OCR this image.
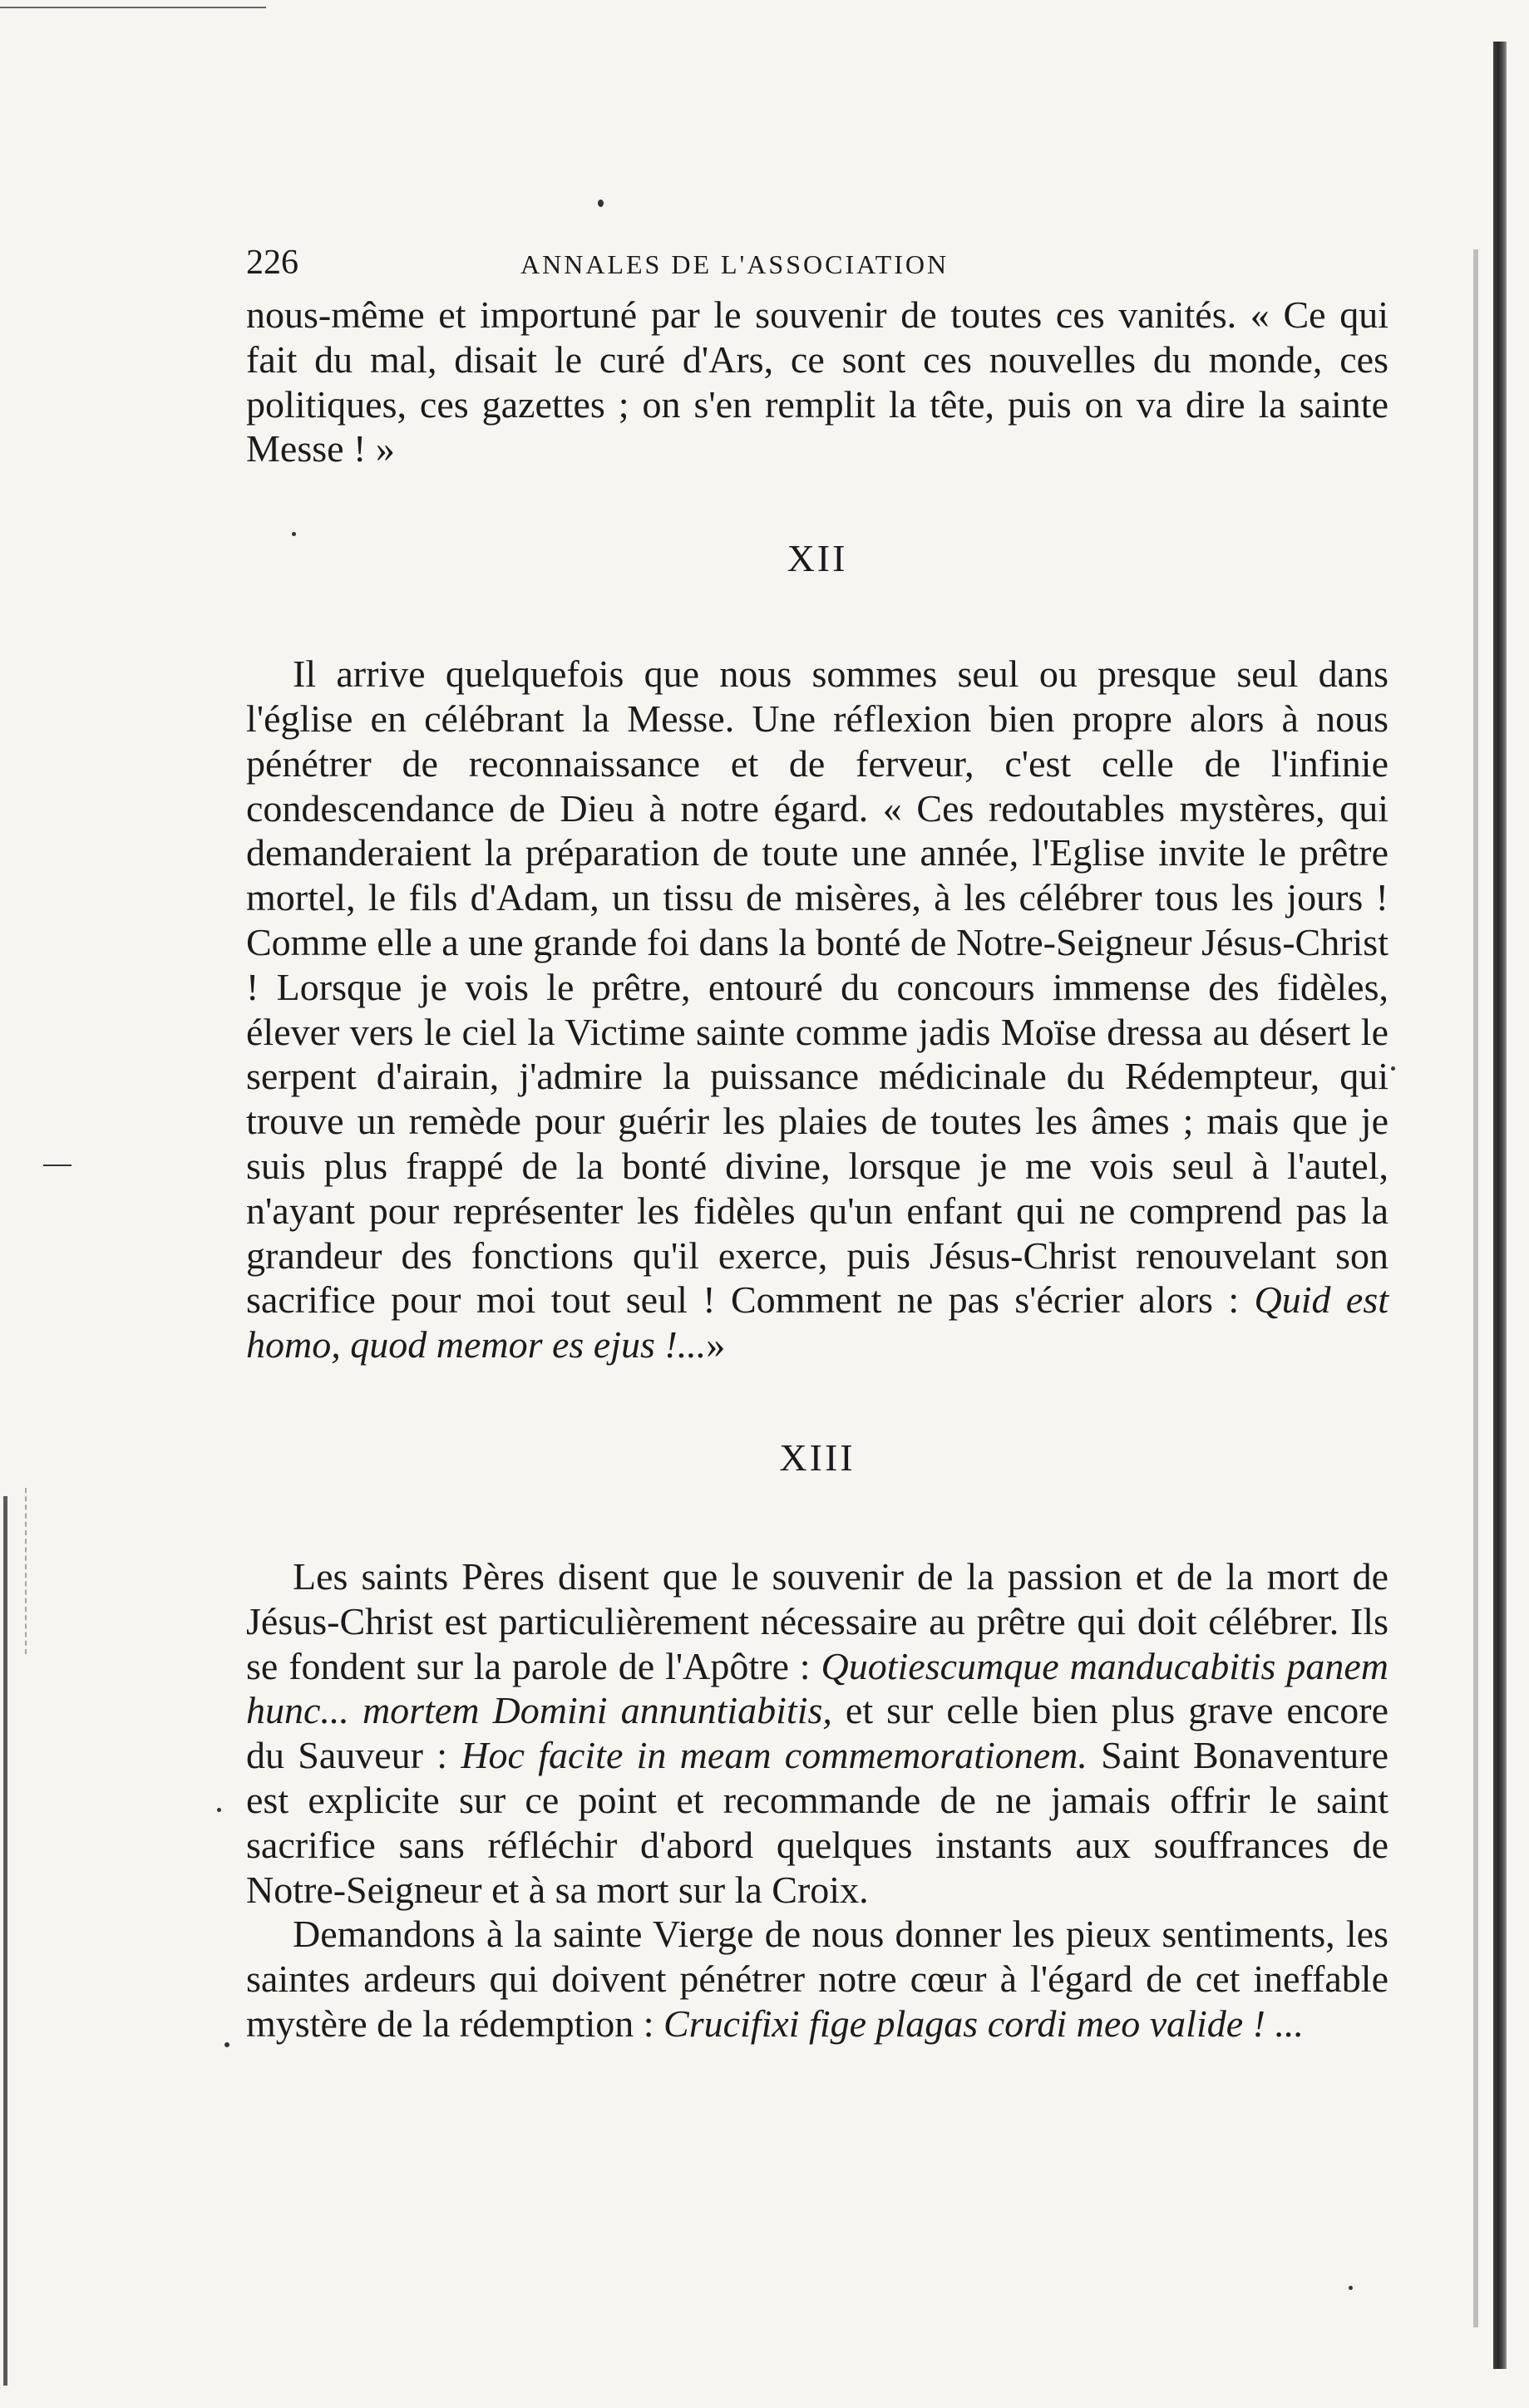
226	ANNALES DE L'ASSOCIATION

nous-même et importuné par le souvenir de toutes ces vanités. « Ce qui fait du mal, disait le curé d'Ars, ce sont ces nouvelles du monde, ces politiques, ces gazettes ; on s'en remplit la tête, puis on va dire la sainte Messe ! »

XII

Il arrive quelquefois que nous sommes seul ou presque seul dans l'église en célébrant la Messe. Une réflexion bien propre alors à nous pénétrer de reconnaissance et de ferveur, c'est celle de l'infinie condescendance de Dieu à notre égard. « Ces redoutables mystères, qui demanderaient la préparation de toute une année, l'Eglise invite le prêtre mortel, le fils d'Adam, un tissu de misères, à les célébrer tous les jours ! Comme elle a une grande foi dans la bonté de Notre-Seigneur Jésus-Christ ! Lorsque je vois le prêtre, entouré du concours immense des fidèles, élever vers le ciel la Victime sainte comme jadis Moïse dressa au désert le serpent d'airain, j'admire la puissance médicinale du Rédempteur, qui trouve un remède pour guérir les plaies de toutes les âmes ; mais que je suis plus frappé de la bonté divine, lorsque je me vois seul à l'autel, n'ayant pour représenter les fidèles qu'un enfant qui ne comprend pas la grandeur des fonctions qu'il exerce, puis Jésus-Christ renouvelant son sacrifice pour moi tout seul ! Comment ne pas s'écrier alors : Quid est homo, quod memor es ejus !...»

XIII

Les saints Pères disent que le souvenir de la passion et de la mort de Jésus-Christ est particulièrement nécessaire au prêtre qui doit célébrer. Ils se fondent sur la parole de l'Apôtre : Quotiescumque manducabitis panem hunc... mortem Domini annuntiabitis, et sur celle bien plus grave encore du Sauveur : Hoc facite in meam commemorationem. Saint Bonaventure est explicite sur ce point et recommande de ne jamais offrir le saint sacrifice sans réfléchir d'abord quelques instants aux souffrances de Notre-Seigneur et à sa mort sur la Croix.

Demandons à la sainte Vierge de nous donner les pieux sentiments, les saintes ardeurs qui doivent pénétrer notre cœur à l'égard de cet ineffable mystère de la rédemption : Crucifixi fige plagas cordi meo valide ! ...
